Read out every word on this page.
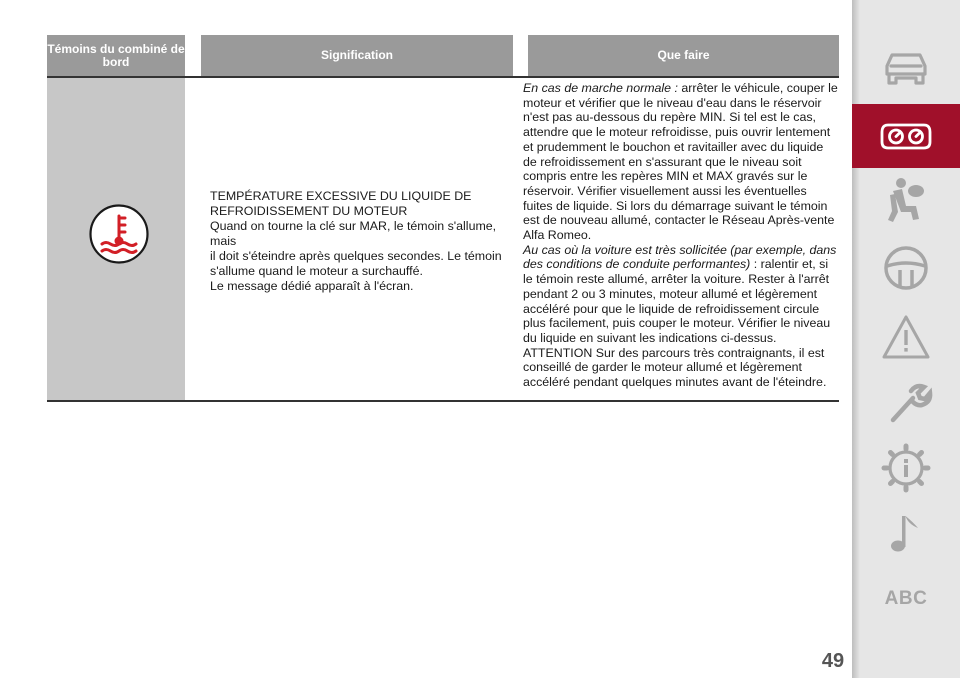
Témoins du combiné de bord	Signification	Que faire
TEMPÉRATURE EXCESSIVE DU LIQUIDE DE
REFROIDISSEMENT DU MOTEUR
Quand on tourne la clé sur MAR, le témoin s'allume, mais
il doit s'éteindre après quelques secondes. Le témoin
s'allume quand le moteur a surchauffé.
Le message dédié apparaît à l'écran.
En cas de marche normale : arrêter le véhicule, couper le
moteur et vérifier que le niveau d'eau dans le réservoir
n'est pas au-dessous du repère MIN. Si tel est le cas,
attendre que le moteur refroidisse, puis ouvrir lentement
et prudemment le bouchon et ravitailler avec du liquide
de refroidissement en s'assurant que le niveau soit
compris entre les repères MIN et MAX gravés sur le
réservoir. Vérifier visuellement aussi les éventuelles
fuites de liquide. Si lors du démarrage suivant le témoin
est de nouveau allumé, contacter le Réseau Après-vente
Alfa Romeo.
Au cas où la voiture est très sollicitée (par exemple, dans
des conditions de conduite performantes) : ralentir et, si
le témoin reste allumé, arrêter la voiture. Rester à l'arrêt
pendant 2 ou 3 minutes, moteur allumé et légèrement
accéléré pour que le liquide de refroidissement circule
plus facilement, puis couper le moteur. Vérifier le niveau
du liquide en suivant les indications ci-dessus.
ATTENTION Sur des parcours très contraignants, il est
conseillé de garder le moteur allumé et légèrement
accéléré pendant quelques minutes avant de l'éteindre.
ABC
49
